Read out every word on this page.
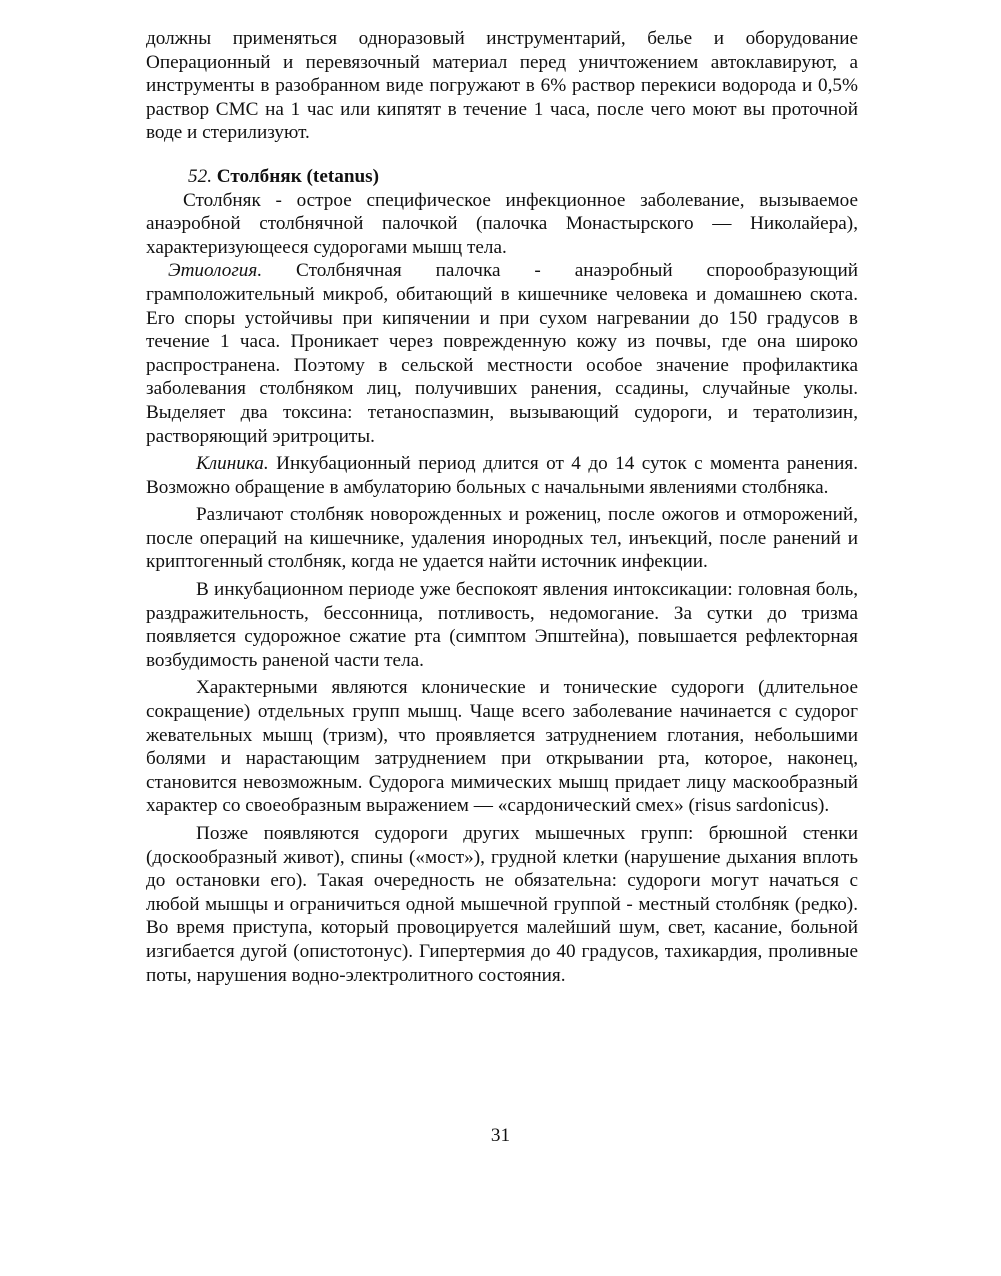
должны применяться одноразовый инструментарий, белье и оборудование Операционный и перевязочный материал перед уничтожением автоклавируют, а инструменты в разобранном виде погружают в 6% раствор перекиси водорода и 0,5% раствор СМС на 1 час или кипятят в течение 1 часа, после чего моют вы проточной воде и стерилизуют.

52. Столбняк (tetanus)

Столбняк - острое специфическое инфекционное заболевание, вызываемое анаэробной столбнячной палочкой (палочка Монастырского — Николайера), характеризующееся судорогами мышц тела.

Этиология. Столбнячная палочка - анаэробный спорообразующий грамположительный микроб, обитающий в кишечнике человека и домашнею скота. Его споры устойчивы при кипячении и при сухом нагревании до 150 градусов в течение 1 часа. Проникает через поврежденную кожу из почвы, где она широко распространена. Поэтому в сельской местности особое значение профилактика заболевания столбняком лиц, получивших ранения, ссадины, случайные уколы. Выделяет два токсина: тетаноспазмин, вызывающий судороги, и тератолизин, растворяющий эритроциты.

Клиника. Инкубационный период длится от 4 до 14 суток с момента ранения. Возможно обращение в амбулаторию больных с начальными явлениями столбняка.

Различают столбняк новорожденных и рожениц, после ожогов и отморожений, после операций на кишечнике, удаления инородных тел, инъекций, после ранений и криптогенный столбняк, когда не удается найти источник инфекции.

В инкубационном периоде уже беспокоят явления интоксикации: головная боль, раздражительность, бессонница, потливость, недомогание. За сутки до тризма появляется судорожное сжатие рта (симптом Эпштейна), повышается рефлекторная возбудимость раненой части тела.

Характерными являются клонические и тонические судороги (длительное сокращение) отдельных групп мышц. Чаще всего заболевание начинается с судорог жевательных мышц (тризм), что проявляется затруднением глотания, небольшими болями и нарастающим затруднением при открывании рта, которое, наконец, становится невозможным. Судорога мимических мышц придает лицу маскообразный характер со своеобразным выражением — «сардонический смех» (risus sardonicus).

Позже появляются судороги других мышечных групп: брюшной стенки (доскообразный живот), спины («мост»), грудной клетки (нарушение дыхания вплоть до остановки его). Такая очередность не обязательна: судороги могут начаться с любой мышцы и ограничиться одной мышечной группой - местный столбняк (редко). Во время приступа, который провоцируется малейший шум, свет, касание, больной изгибается дугой (опистотонус). Гипертермия до 40 градусов, тахикардия, проливные поты, нарушения водно-электролитного состояния.

31
